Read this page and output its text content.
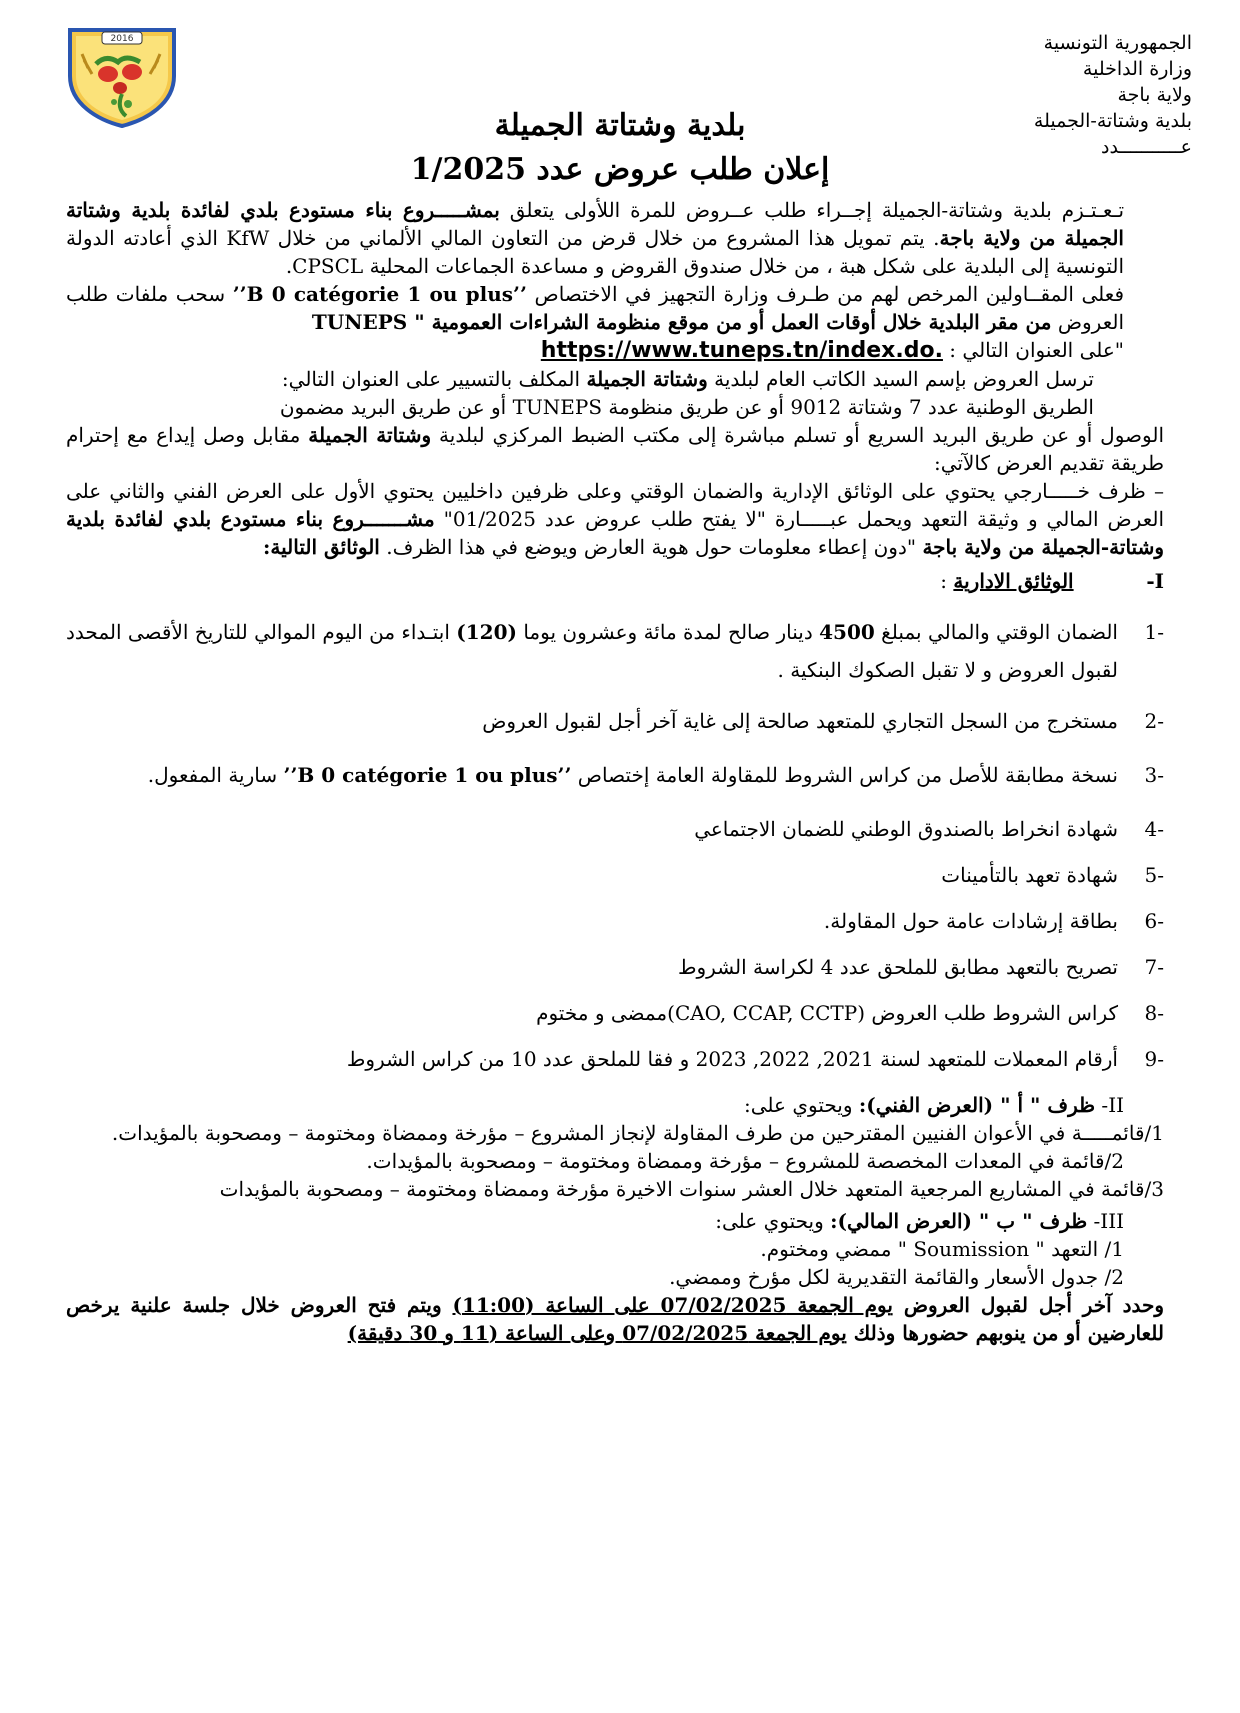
الجمهورية التونسية
وزارة الداخلية
ولاية باجة
بلدية وشتاتة-الجميلة
عـــــــــــدد
2016
بلدية وشتاتة الجميلة
إعلان طلب عروض عدد 1/2025

تـعـتـزم بلدية وشتاتة-الجميلة إجــراء طلب عــروض للمرة اللأولى يتعلق بمشـــــروع بناء مستودع بلدي لفائدة بلدية وشتاتة الجميلة من ولاية باجة. يتم تمويل هذا المشروع من خلال قرض من التعاون المالي الألماني من خلال KfW الذي أعادته الدولة التونسية إلى البلدية على شكل هبة ، من خلال صندوق القروض و مساعدة الجماعات المحلية CPSCL.

فعلى المقــاولين المرخص لهم من طـرف وزارة التجهيز في الاختصاص ’’B 0 catégorie 1 ou plus’’ سحب ملفات طلب العروض من مقر البلدية خلال أوقات العمل أو من موقع منظومة الشراءات العمومية " TUNEPS

"على العنوان التالي : https://www.tuneps.tn/index.do.

ترسل العروض بإسم السيد الكاتب العام لبلدية وشتاتة الجميلة المكلف بالتسيير على العنوان التالي:

الطريق الوطنية عدد 7 وشتاتة 9012 أو عن طريق منظومة TUNEPS أو عن طريق البريد مضمون

الوصول أو عن طريق البريد السريع أو تسلم مباشرة إلى مكتب الضبط المركزي لبلدية وشتاتة الجميلة مقابل وصل إيداع مع إحترام طريقة تقديم العرض كالآتي:

– ظرف خـــــارجي يحتوي على الوثائق الإدارية والضمان الوقتي وعلى ظرفين داخليين يحتوي الأول على العرض الفني والثاني على العرض المالي و وثيقة التعهد ويحمل عبـــــارة "لا يفتح طلب عروض عدد 01/2025" مشـــــــروع بناء مستودع بلدي لفائدة بلدية وشتاتة-الجميلة من ولاية باجة "دون إعطاء معلومات حول هوية العارض ويوضع في هذا الظرف. الوثائق التالية:

I-  الوثائق الادارية :
-1
الضمان الوقتي والمالي بمبلغ 4500 دينار صالح لمدة مائة وعشرون يوما (120) ابتـداء من اليوم الموالي للتاريخ الأقصى المحدد لقبول العروض و لا تقبل الصكوك البنكية .
-2
مستخرج من السجل التجاري للمتعهد صالحة إلى غاية آخر أجل لقبول العروض
-3
نسخة مطابقة للأصل من كراس الشروط للمقاولة العامة إختصاص ’’B 0 catégorie 1 ou plus’’ سارية المفعول.
-4
شهادة انخراط بالصندوق الوطني للضمان الاجتماعي
-5
شهادة تعهد بالتأمينات
-6
بطاقة إرشادات عامة حول المقاولة.
-7
تصريح بالتعهد مطابق للملحق عدد 4 لكراسة الشروط
-8
كراس الشروط طلب العروض (CAO, CCAP, CCTP)ممضى و مختوم
-9
أرقام المعملات للمتعهد لسنة 2021, 2022, 2023 و فقا للملحق عدد 10 من كراس الشروط
II- ظرف " أ " (العرض الفني): ويحتوي على:

1/قائمـــــة في الأعوان الفنيين المقترحين من طرف المقاولة لإنجاز المشروع – مؤرخة وممضاة ومختومة – ومصحوبة بالمؤيدات.

2/قائمة في المعدات المخصصة للمشروع – مؤرخة وممضاة ومختومة – ومصحوبة بالمؤيدات.

3/قائمة في المشاريع المرجعية المتعهد خلال العشر سنوات الاخيرة مؤرخة وممضاة ومختومة – ومصحوبة بالمؤيدات

III- ظرف " ب " (العرض المالي): ويحتوي على:

1/ التعهد " Soumission " ممضي ومختوم.

2/ جدول الأسعار والقائمة التقديرية لكل مؤرخ وممضي.

وحدد آخر أجل لقبول العروض يوم الجمعة 07/02/2025 على الساعة (11:00) ويتم فتح العروض خلال جلسة علنية يرخص للعارضين أو من ينوبهم حضورها وذلك يوم الجمعة 07/02/2025 وعلى الساعة (11 و 30 دقيقة)
